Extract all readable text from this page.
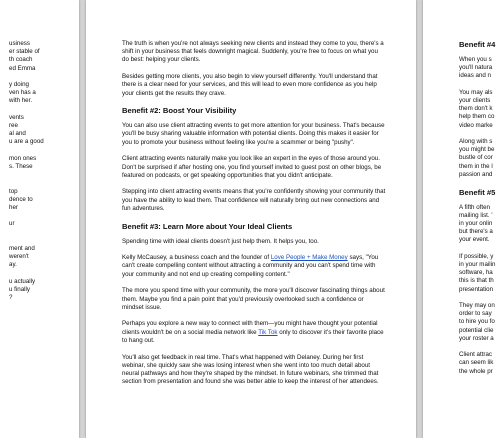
usiness
er stable of
th coach
ed Emma

y doing
ven has a
with her.

vents
ree
al and
u are a good

mon ones
s. These

top
dence to
her

ur

ment and
weren't
ay.

u actually
u finally
?

The truth is when you're not always seeking new clients and instead they come to you, there's a shift in your business that feels downright magical. Suddenly, you're free to focus on what you do best: helping your clients.

Besides getting more clients, you also begin to view yourself differently. You'll understand that there is a clear need for your services, and this will lead to even more confidence as you help your clients get the results they crave.

Benefit #2: Boost Your Visibility

You can also use client attracting events to get more attention for your business. That's because you'll be busy sharing valuable information with potential clients. Doing this makes it easier for you to promote your business without feeling like you're a scammer or being "pushy".

Client attracting events naturally make you look like an expert in the eyes of those around you. Don't be surprised if after hosting one, you find yourself invited to guest post on other blogs, be featured on podcasts, or get speaking opportunities that you didn't anticipate.

Stepping into client attracting events means that you're confidently showing your community that you have the ability to lead them. That confidence will naturally bring out new connections and fun adventures.

Benefit #3: Learn More about Your Ideal Clients

Spending time with ideal clients doesn't just help them. It helps you, too.

Kelly McCausey, a business coach and the founder of Love People + Make Money says, "You can't create compelling content without attracting a community and you can't spend time with your community and not end up creating compelling content."

The more you spend time with your community, the more you'll discover fascinating things about them. Maybe you find a pain point that you'd previously overlooked such a confidence or mindset issue.

Perhaps you explore a new way to connect with them—you might have thought your potential clients wouldn't be on a social media network like Tik Tok only to discover it's their favorite place to hang out.

You'll also get feedback in real time. That's what happened with Delaney. During her first webinar, she quickly saw she was losing interest when she went into too much detail about neural pathways and how they're shaped by the mindset. In future webinars, she trimmed that section from presentation and found she was better able to keep the interest of her attendees.

Benefit #4
When you s
you'll natura
ideas and n

You may als
your clients
them don't k
help them co
video marke

Along with s
you might be
bustle of cor
them in the l
passion and
Benefit #5
A fifth often
mailing list. '
in your onlin
but there's a
your event.

If possible, y
in your mailin
software, ha
this is that th
presentation

They may on
order to say
to hire you fo
potential clie
your roster a

Client attrac
can seem lik
the whole pr
